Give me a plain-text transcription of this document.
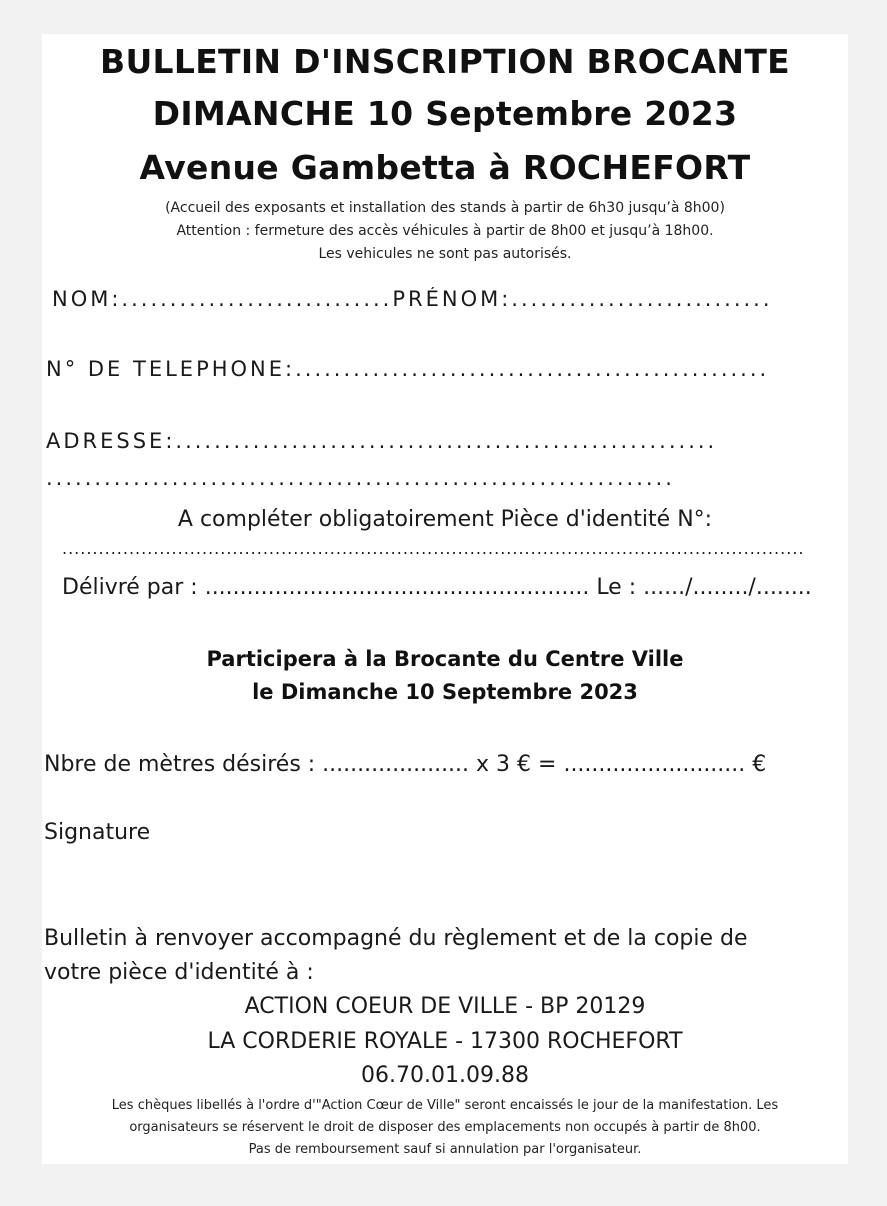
BULLETIN D'INSCRIPTION BROCANTE
DIMANCHE 10 Septembre 2023
Avenue Gambetta à ROCHEFORT
(Accueil des exposants et installation des stands à partir de 6h30 jusqu’à 8h00)
Attention : fermeture des accès véhicules à partir de 8h00 et jusqu’à 18h00.
Les vehicules ne sont pas autorisés.
NOM:............................PRÉNOM:...........................
N° DE TELEPHONE:.................................................
ADRESSE:........................................................
.................................................................
A compléter obligatoirement Pièce d'identité N°:
..........................................................................................................................
Délivré par : ....................................................... Le : ....../......../........
Participera à la Brocante du Centre Ville
le Dimanche 10 Septembre 2023
Nbre de mètres désirés : ..................... x 3 € = .......................... €
Signature
Bulletin à renvoyer accompagné du règlement et de la copie de
votre pièce d'identité à :
ACTION COEUR DE VILLE - BP 20129
LA CORDERIE ROYALE - 17300 ROCHEFORT
06.70.01.09.88
Les chèques libellés à l'ordre d'"Action Cœur de Ville" seront encaissés le jour de la manifestation. Les
organisateurs se réservent le droit de disposer des emplacements non occupés à partir de 8h00.
Pas de remboursement sauf si annulation par l'organisateur.
